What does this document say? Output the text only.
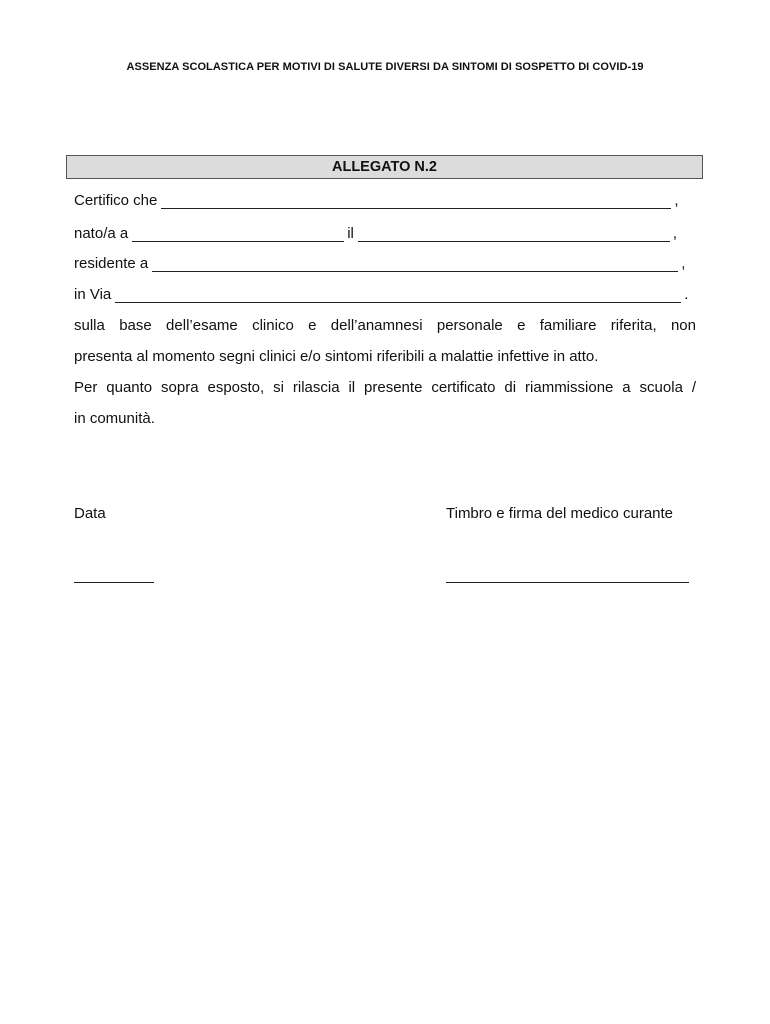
ASSENZA SCOLASTICA PER MOTIVI DI SALUTE DIVERSI DA SINTOMI DI SOSPETTO DI COVID-19
ALLEGATO N.2
Certifico che	,
nato/a a	il	,
residente a	,
in Via	.
sulla base dell’esame clinico e dell’anamnesi personale e familiare riferita, non
presenta al momento segni clinici e/o sintomi riferibili a malattie infettive in atto.
Per quanto sopra esposto, si rilascia il presente certificato di riammissione a scuola /
in comunità.
Data	Timbro e firma del medico curante
